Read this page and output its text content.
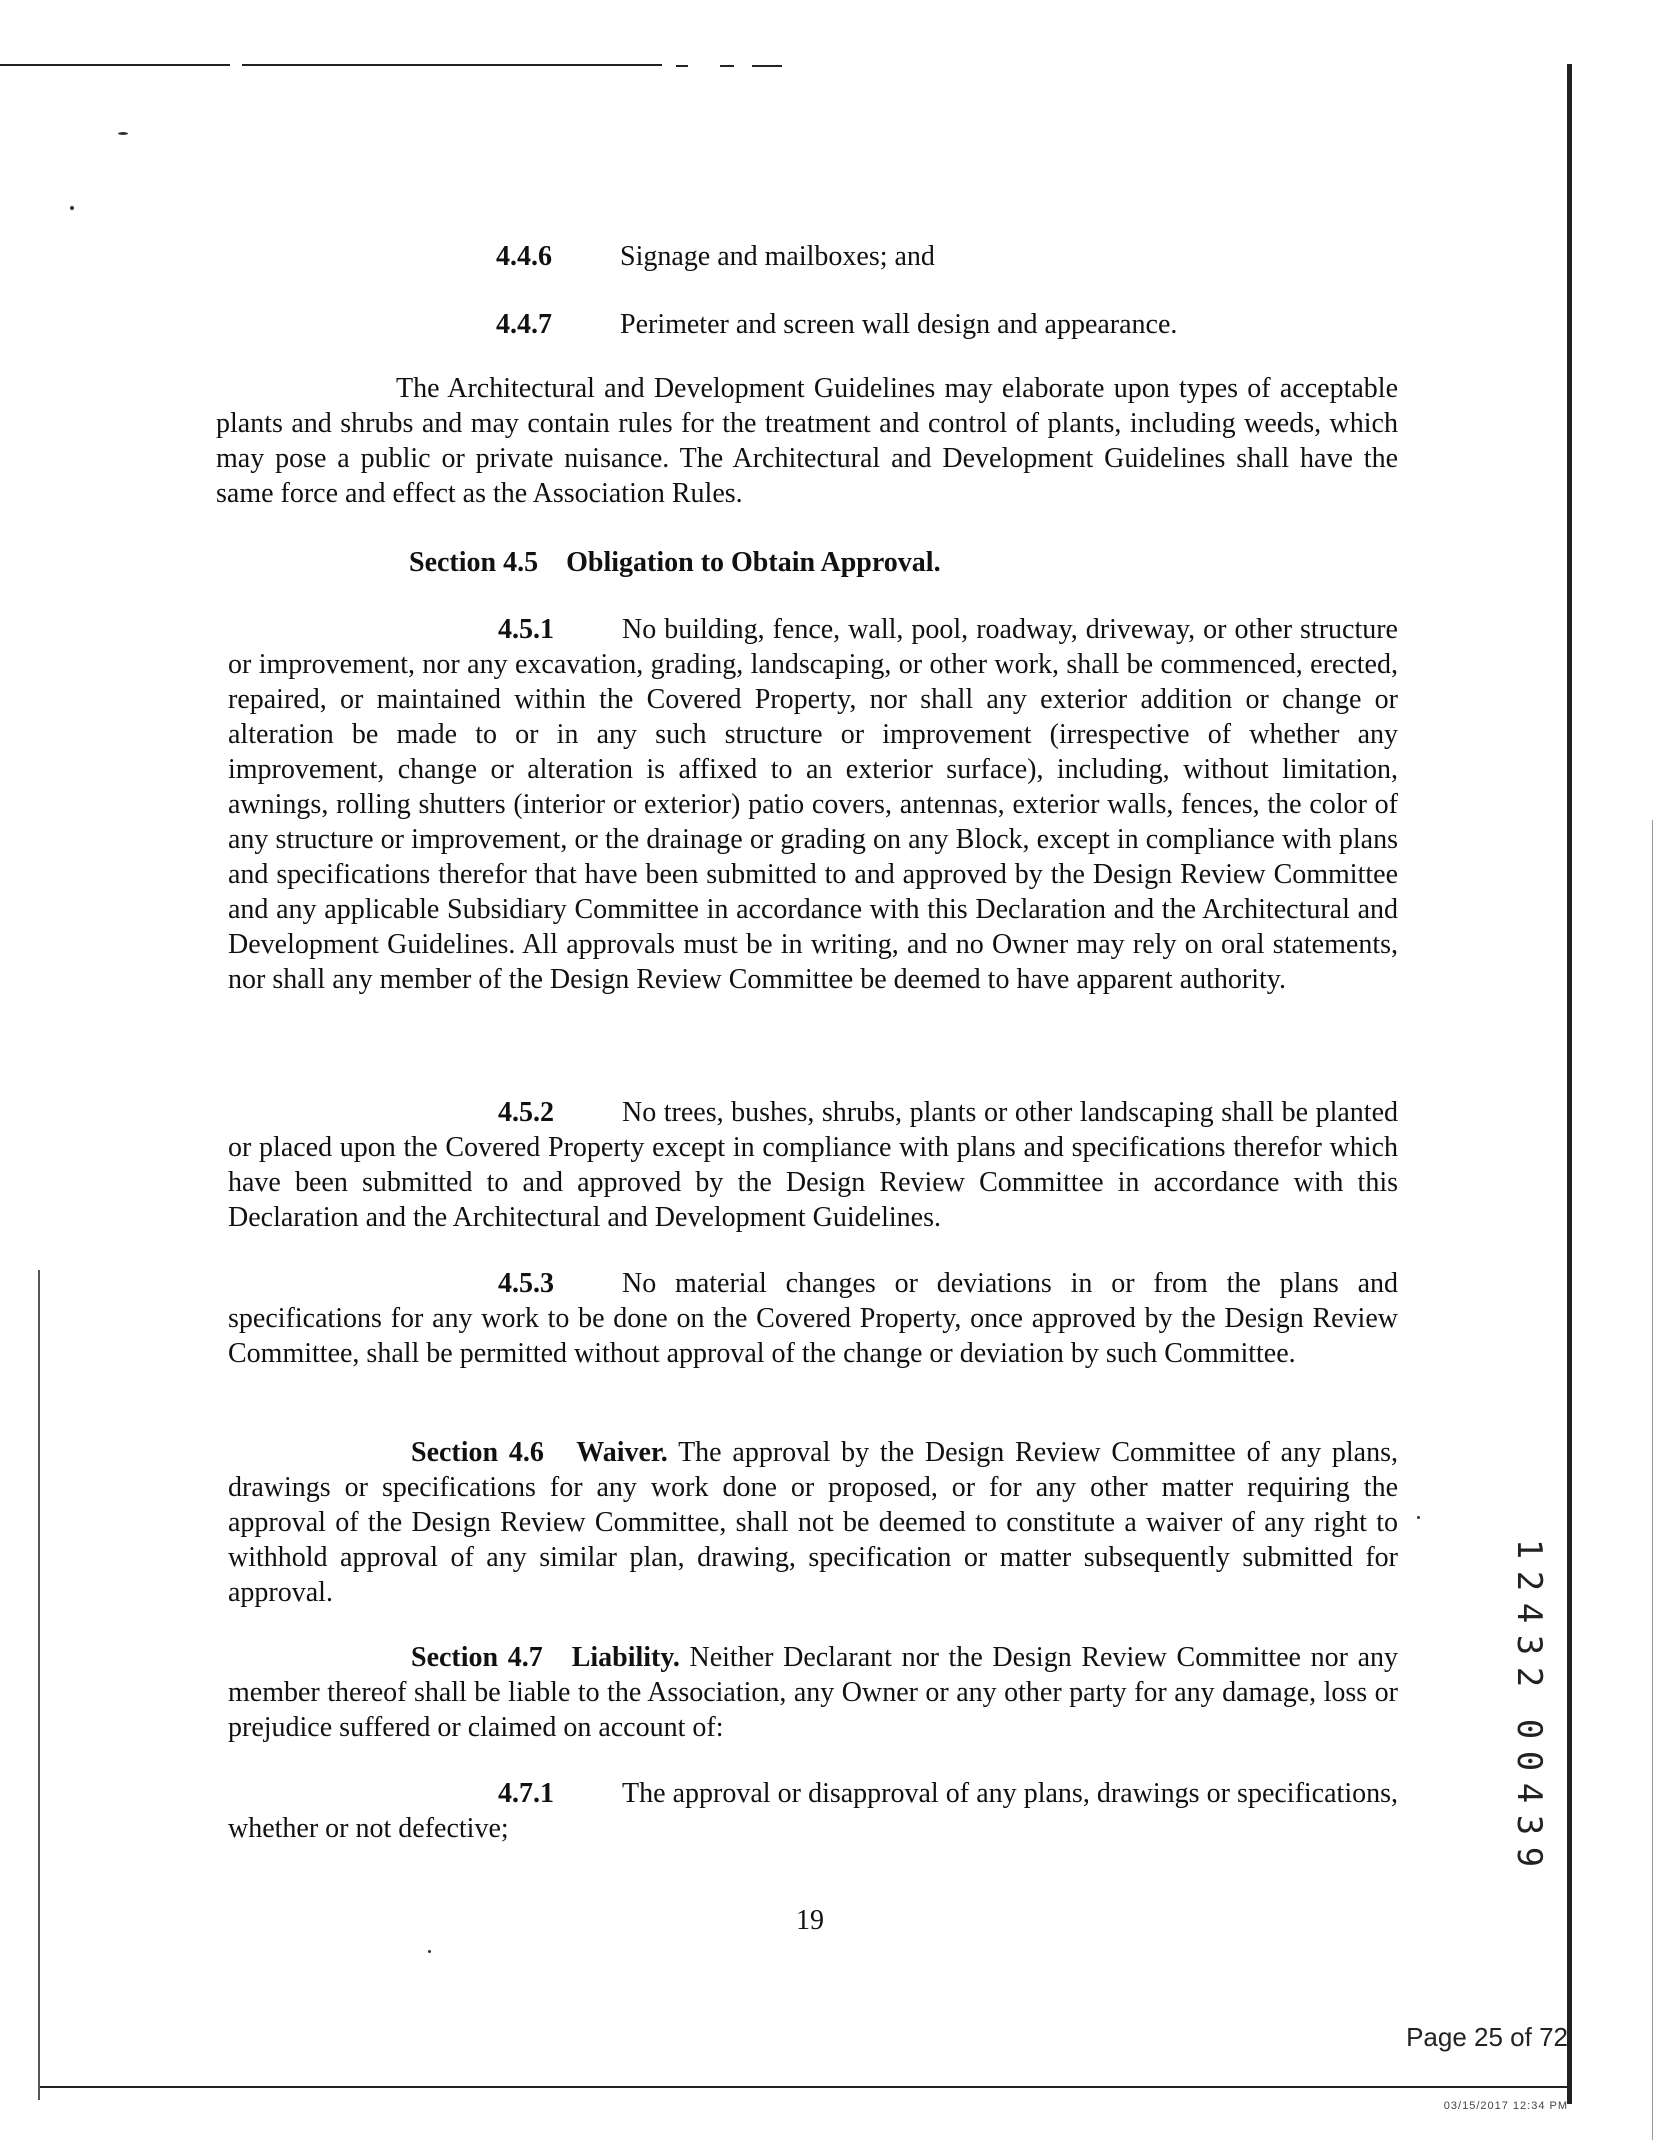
4.4.6 Signage and mailboxes; and
4.4.7 Perimeter and screen wall design and appearance.
The Architectural and Development Guidelines may elaborate upon types of acceptable plants and shrubs and may contain rules for the treatment and control of plants, including weeds, which may pose a public or private nuisance. The Architectural and Development Guidelines shall have the same force and effect as the Association Rules.
Section 4.5 Obligation to Obtain Approval.
4.5.1 No building, fence, wall, pool, roadway, driveway, or other structure or improvement, nor any excavation, grading, landscaping, or other work, shall be commenced, erected, repaired, or maintained within the Covered Property, nor shall any exterior addition or change or alteration be made to or in any such structure or improvement (irrespective of whether any improvement, change or alteration is affixed to an exterior surface), including, without limitation, awnings, rolling shutters (interior or exterior) patio covers, antennas, exterior walls, fences, the color of any structure or improvement, or the drainage or grading on any Block, except in compliance with plans and specifications therefor that have been submitted to and approved by the Design Review Committee and any applicable Subsidiary Committee in accordance with this Declaration and the Architectural and Development Guidelines. All approvals must be in writing, and no Owner may rely on oral statements, nor shall any member of the Design Review Committee be deemed to have apparent authority.
4.5.2 No trees, bushes, shrubs, plants or other landscaping shall be planted or placed upon the Covered Property except in compliance with plans and specifications therefor which have been submitted to and approved by the Design Review Committee in accordance with this Declaration and the Architectural and Development Guidelines.
4.5.3 No material changes or deviations in or from the plans and specifications for any work to be done on the Covered Property, once approved by the Design Review Committee, shall be permitted without approval of the change or deviation by such Committee.
Section 4.6 Waiver. The approval by the Design Review Committee of any plans, drawings or specifications for any work done or proposed, or for any other matter requiring the approval of the Design Review Committee, shall not be deemed to constitute a waiver of any right to withhold approval of any similar plan, drawing, specification or matter subsequently submitted for approval.
Section 4.7 Liability. Neither Declarant nor the Design Review Committee nor any member thereof shall be liable to the Association, any Owner or any other party for any damage, loss or prejudice suffered or claimed on account of:
4.7.1 The approval or disapproval of any plans, drawings or specifications, whether or not defective;
19
1
2
4
3
2
0
0
4
3
9
Page 25 of 72
03/15/2017 12:34 PM
